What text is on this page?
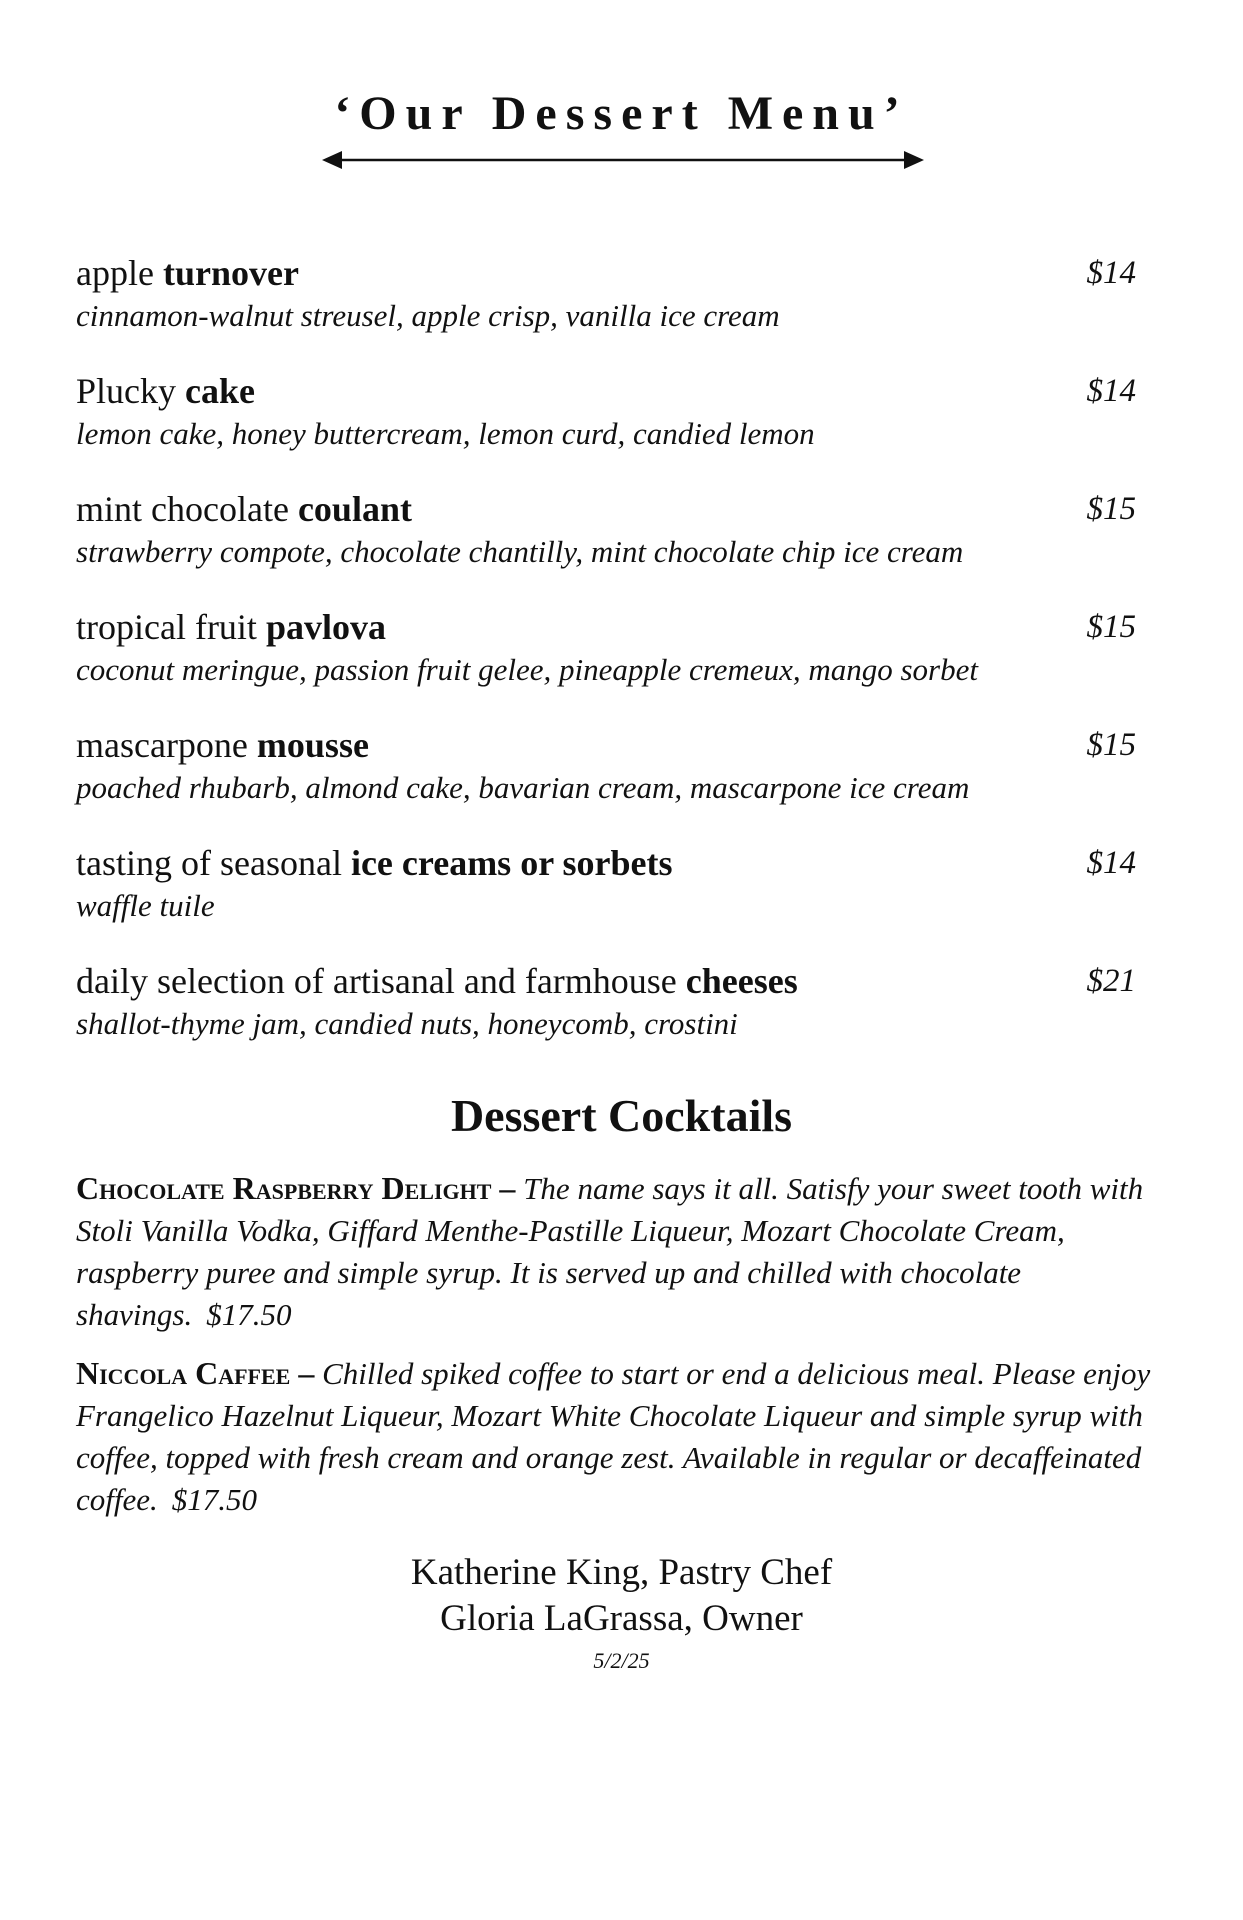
‘Our Dessert Menu’
apple turnover	$14
cinnamon-walnut streusel, apple crisp, vanilla ice cream
Plucky cake	$14
lemon cake, honey buttercream, lemon curd, candied lemon
mint chocolate coulant	$15
strawberry compote, chocolate chantilly, mint chocolate chip ice cream
tropical fruit pavlova	$15
coconut meringue, passion fruit gelee, pineapple cremeux, mango sorbet
mascarpone mousse	$15
poached rhubarb, almond cake, bavarian cream, mascarpone ice cream
tasting of seasonal ice creams or sorbets	$14
waffle tuile
daily selection of artisanal and farmhouse cheeses	$21
shallot-thyme jam, candied nuts, honeycomb, crostini
Dessert Cocktails

Chocolate Raspberry Delight – The name says it all. Satisfy your sweet tooth with Stoli Vanilla Vodka, Giffard Menthe-Pastille Liqueur, Mozart Chocolate Cream, raspberry puree and simple syrup. It is served up and chilled with chocolate shavings. $17.50

Niccola Caffee – Chilled spiked coffee to start or end a delicious meal. Please enjoy Frangelico Hazelnut Liqueur, Mozart White Chocolate Liqueur and simple syrup with coffee, topped with fresh cream and orange zest. Available in regular or decaffeinated coffee. $17.50

Katherine King, Pastry Chef
Gloria LaGrassa, Owner
5/2/25
